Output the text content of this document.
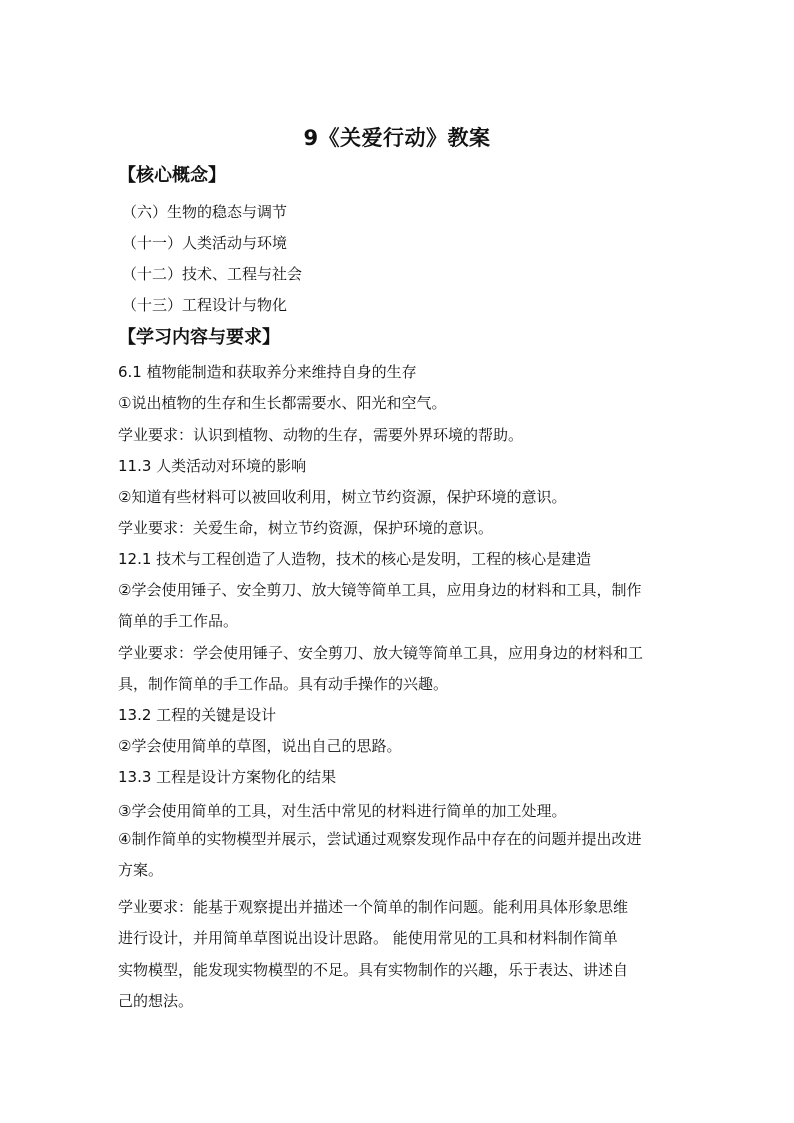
9《关爱行动》教案
【核心概念】
（六）生物的稳态与调节
（十一）人类活动与环境
（十二）技术、工程与社会
（十三）工程设计与物化
【学习内容与要求】
6.1 植物能制造和获取养分来维持自身的生存
①说出植物的生存和生长都需要水、阳光和空气。
学业要求：认识到植物、动物的生存，需要外界环境的帮助。
11.3 人类活动对环境的影响
②知道有些材料可以被回收利用，树立节约资源，保护环境的意识。
学业要求：关爱生命，树立节约资源，保护环境的意识。
12.1 技术与工程创造了人造物，技术的核心是发明，工程的核心是建造
②学会使用锤子、安全剪刀、放大镜等简单工具，应用身边的材料和工具，制作
简单的手工作品。
学业要求：学会使用锤子、安全剪刀、放大镜等简单工具，应用身边的材料和工
具，制作简单的手工作品。具有动手操作的兴趣。
13.2 工程的关键是设计
②学会使用简单的草图，说出自己的思路。
13.3 工程是设计方案物化的结果
③学会使用简单的工具，对生活中常见的材料进行简单的加工处理。
④制作简单的实物模型并展示，尝试通过观察发现作品中存在的问题并提出改进
方案。
学业要求：能基于观察提出并描述一个简单的制作问题。能利用具体形象思维
进行设计，并用简单草图说出设计思路。 能使用常见的工具和材料制作简单
实物模型，能发现实物模型的不足。具有实物制作的兴趣，乐于表达、讲述自
己的想法。
